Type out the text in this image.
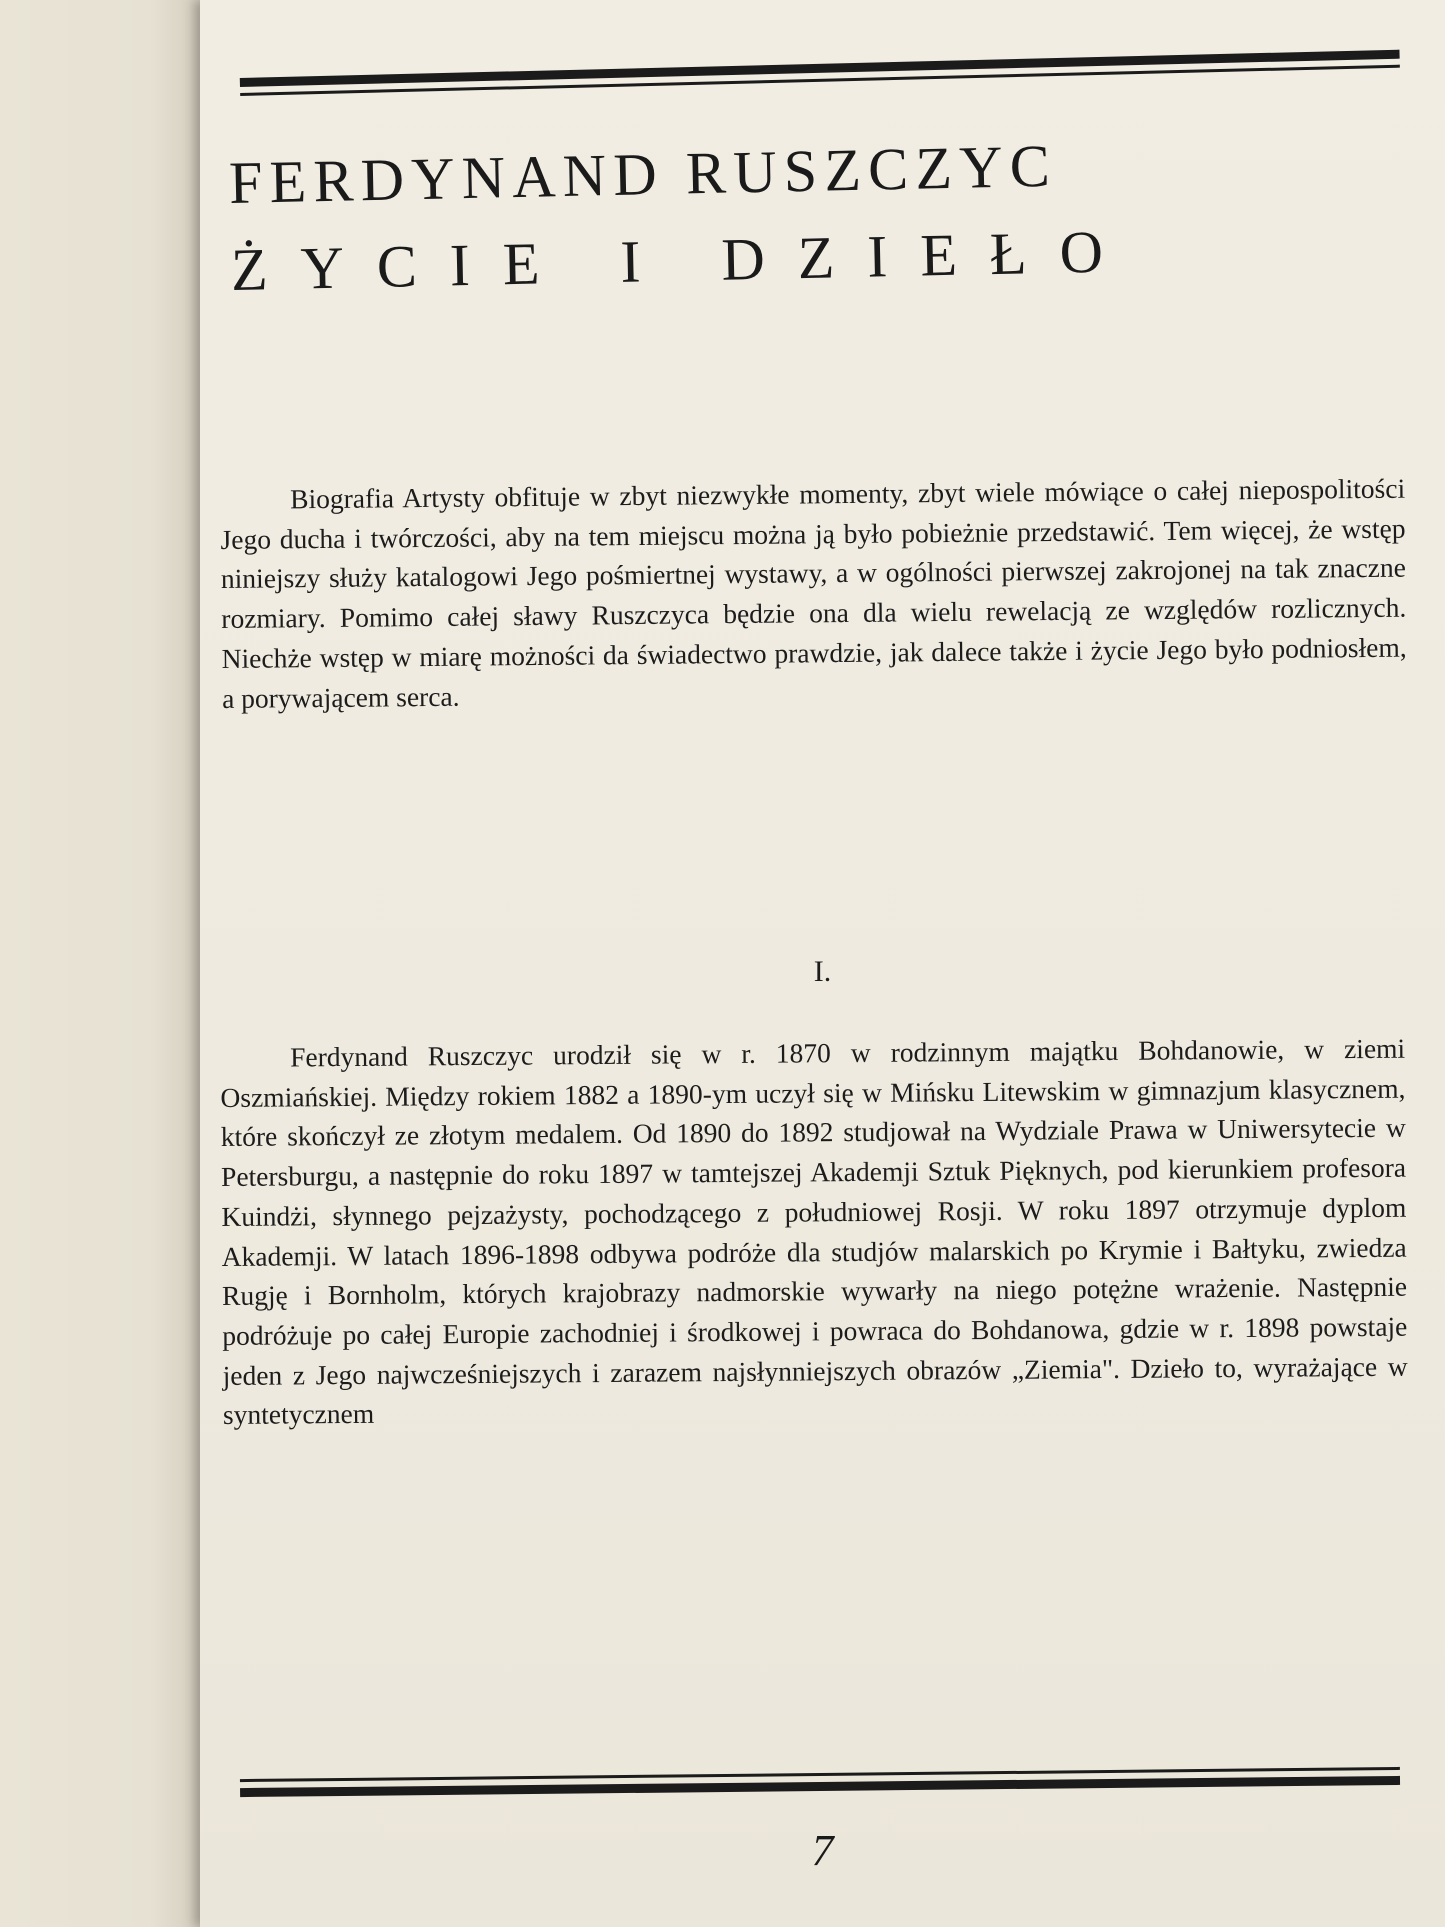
FERDYNAND RUSZCZYC
ŻYCIE I DZIEŁO

Biografia Artysty obfituje w zbyt niezwykłe momenty, zbyt wiele mówiące o całej niepospolitości Jego ducha i twórczości, aby na tem miejscu można ją było pobieżnie przedstawić. Tem więcej, że wstęp niniejszy służy katalogowi Jego pośmiertnej wystawy, a w ogólności pierwszej zakrojonej na tak znaczne rozmiary. Pomimo całej sławy Ruszczyca będzie ona dla wielu rewelacją ze względów rozlicznych. Niechże wstęp w miarę możności da świadectwo prawdzie, jak dalece także i życie Jego było podniosłem, a porywającem serca.

I.

Ferdynand Ruszczyc urodził się w r. 1870 w rodzinnym majątku Bohdanowie, w ziemi Oszmiańskiej. Między rokiem 1882 a 1890-ym uczył się w Mińsku Litewskim w gimnazjum klasycznem, które skończył ze złotym medalem. Od 1890 do 1892 studjował na Wydziale Prawa w Uniwersytecie w Petersburgu, a następnie do roku 1897 w tamtejszej Akademji Sztuk Pięknych, pod kierunkiem profesora Kuindżi, słynnego pejzażysty, pochodzącego z południowej Rosji. W roku 1897 otrzymuje dyplom Akademji. W latach 1896-1898 odbywa podróże dla studjów malarskich po Krymie i Bałtyku, zwiedza Rugję i Bornholm, których krajobrazy nadmorskie wywarły na niego potężne wrażenie. Następnie podróżuje po całej Europie zachodniej i środkowej i powraca do Bohdanowa, gdzie w r. 1898 powstaje jeden z Jego najwcześniejszych i zarazem najsłynniejszych obrazów „Ziemia". Dzieło to, wyrażające w syntetycznem

7
